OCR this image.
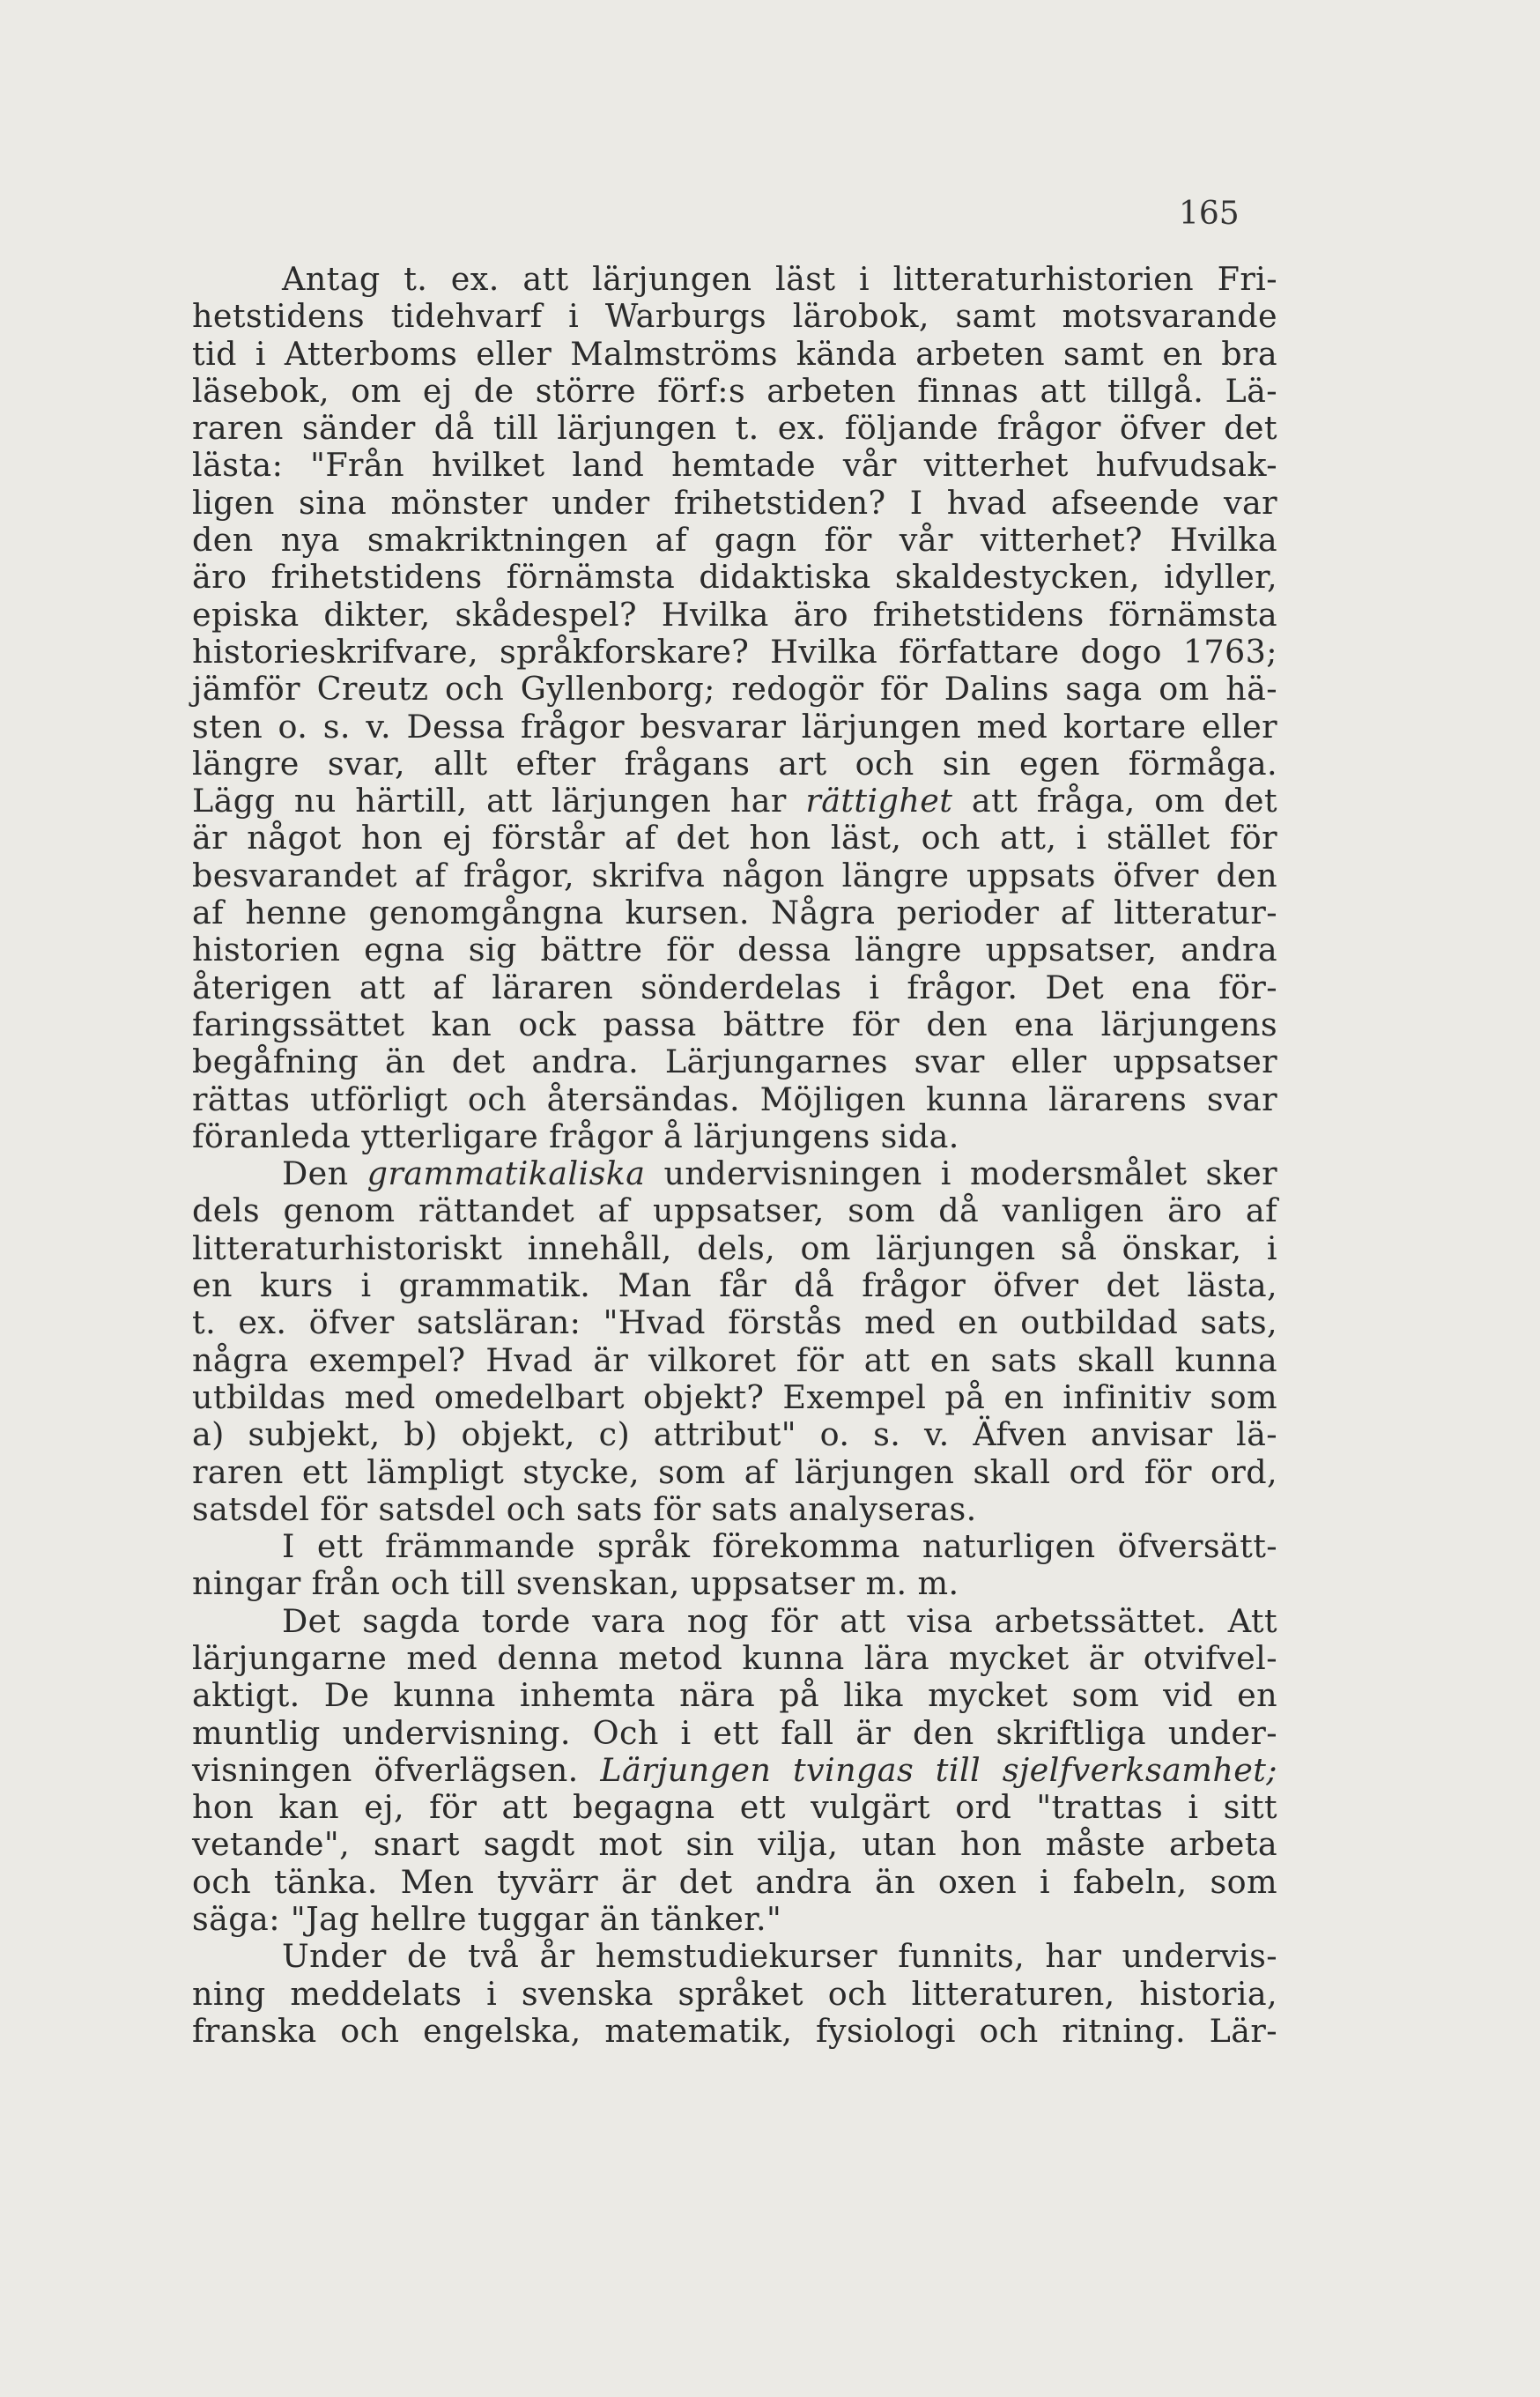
165
Antag t. ex. att lärjungen läst i litteraturhistorien Fri-
hetstidens tidehvarf i Warburgs lärobok, samt motsvarande
tid i Atterboms eller Malmströms kända arbeten samt en bra
läsebok, om ej de större förf:s arbeten finnas att tillgå. Lä-
raren sänder då till lärjungen t. ex. följande frågor öfver det
lästa: "Från hvilket land hemtade vår vitterhet hufvudsak-
ligen sina mönster under frihetstiden? I hvad afseende var
den nya smakriktningen af gagn för vår vitterhet? Hvilka
äro frihetstidens förnämsta didaktiska skaldestycken, idyller,
episka dikter, skådespel? Hvilka äro frihetstidens förnämsta
historieskrifvare, språkforskare? Hvilka författare dogo 1763;
jämför Creutz och Gyllenborg; redogör för Dalins saga om hä-
sten o. s. v. Dessa frågor besvarar lärjungen med kortare eller
längre svar, allt efter frågans art och sin egen förmåga.
Lägg nu härtill, att lärjungen har rättighet att fråga, om det
är något hon ej förstår af det hon läst, och att, i stället för
besvarandet af frågor, skrifva någon längre uppsats öfver den
af henne genomgångna kursen. Några perioder af litteratur-
historien egna sig bättre för dessa längre uppsatser, andra
återigen att af läraren sönderdelas i frågor. Det ena för-
faringssättet kan ock passa bättre för den ena lärjungens
begåfning än det andra. Lärjungarnes svar eller uppsatser
rättas utförligt och återsändas. Möjligen kunna lärarens svar
föranleda ytterligare frågor å lärjungens sida.
Den grammatikaliska undervisningen i modersmålet sker
dels genom rättandet af uppsatser, som då vanligen äro af
litteraturhistoriskt innehåll, dels, om lärjungen så önskar, i
en kurs i grammatik. Man får då frågor öfver det lästa,
t. ex. öfver satsläran: "Hvad förstås med en outbildad sats,
några exempel? Hvad är vilkoret för att en sats skall kunna
utbildas med omedelbart objekt? Exempel på en infinitiv som
a) subjekt, b) objekt, c) attribut" o. s. v. Äfven anvisar lä-
raren ett lämpligt stycke, som af lärjungen skall ord för ord,
satsdel för satsdel och sats för sats analyseras.
I ett främmande språk förekomma naturligen öfversätt-
ningar från och till svenskan, uppsatser m. m.
Det sagda torde vara nog för att visa arbetssättet. Att
lärjungarne med denna metod kunna lära mycket är otvifvel-
aktigt. De kunna inhemta nära på lika mycket som vid en
muntlig undervisning. Och i ett fall är den skriftliga under-
visningen öfverlägsen. Lärjungen tvingas till sjelfverksamhet;
hon kan ej, för att begagna ett vulgärt ord "trattas i sitt
vetande", snart sagdt mot sin vilja, utan hon måste arbeta
och tänka. Men tyvärr är det andra än oxen i fabeln, som
säga: "Jag hellre tuggar än tänker."
Under de två år hemstudiekurser funnits, har undervis-
ning meddelats i svenska språket och litteraturen, historia,
franska och engelska, matematik, fysiologi och ritning. Lär-
